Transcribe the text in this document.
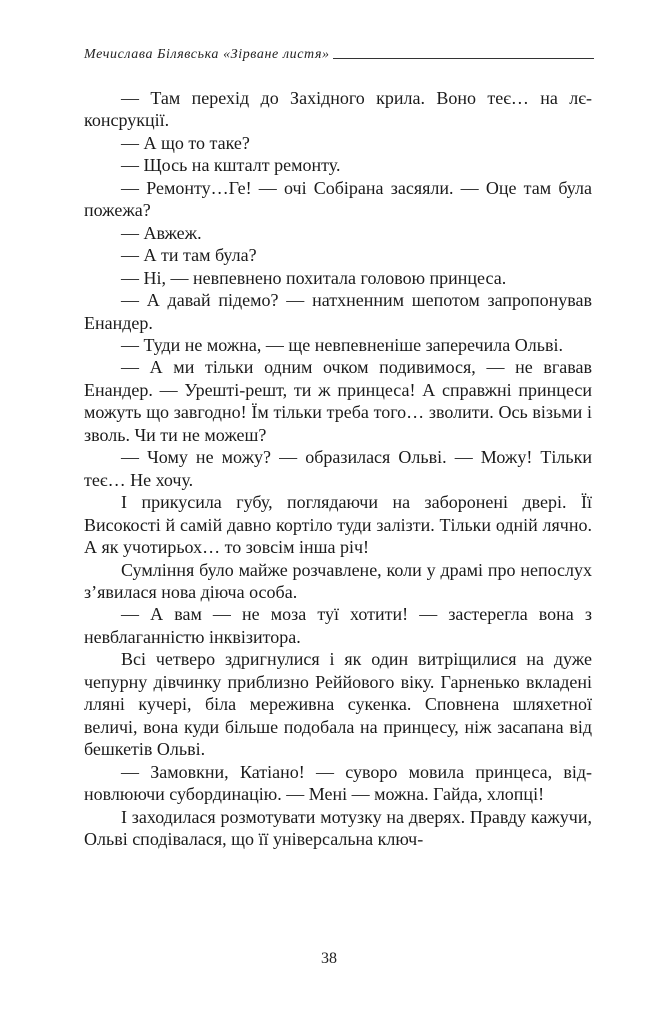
Мечислава Білявська «Зірване листя»

— Там перехід до Західного крила. Воно теє… на лєконсрукції.

— А що то таке?

— Щось на кшталт ремонту.

— Ремонту…Ге! — очі Собірана засяяли. — Оце там була пожежа?

— Авжеж.

— А ти там була?

— Ні, — невпевнено похитала головою принцеса.

— А давай підемо? — натхненним шепотом запропонував Енандер.

— Туди не можна, — ще невпевненіше заперечила Ольві.

— А ми тільки одним очком подивимося, — не вгавав Енандер. — Урешті-решт, ти ж принцеса! А справжні принцеси можуть що завгодно! Їм тільки треба того… зволити. Ось візьми і зволь. Чи ти не можеш?

— Чому не можу? — образилася Ольві. — Можу! Тільки теє… Не хочу.

І прикусила губу, поглядаючи на заборонені двері. Її Високості й самій давно кортіло туди залізти. Тільки одній лячно. А як учотирьох… то зовсім інша річ!

Сумління було майже розчавлене, коли у драмі про непослух з’явилася нова діюча особа.

— А вам — не моза туї хотити! — застерегла вона з невблаганністю інквізитора.

Всі четверо здригнулися і як один витріщилися на дуже чепурну дівчинку приблизно Реййового віку. Гарненько вкладені лляні кучері, біла мереживна сукенка. Сповнена шляхетної величі, вона куди більше подобала на принцесу, ніж засапана від бешкетів Ольві.

— Замовкни, Катіано! — суворо мовила принцеса, відновлюючи субординацію. — Мені — можна. Гайда, хлопці!

І заходилася розмотувати мотузку на дверях. Правду кажучи, Ольві сподівалася, що її універсальна ключ-

38
